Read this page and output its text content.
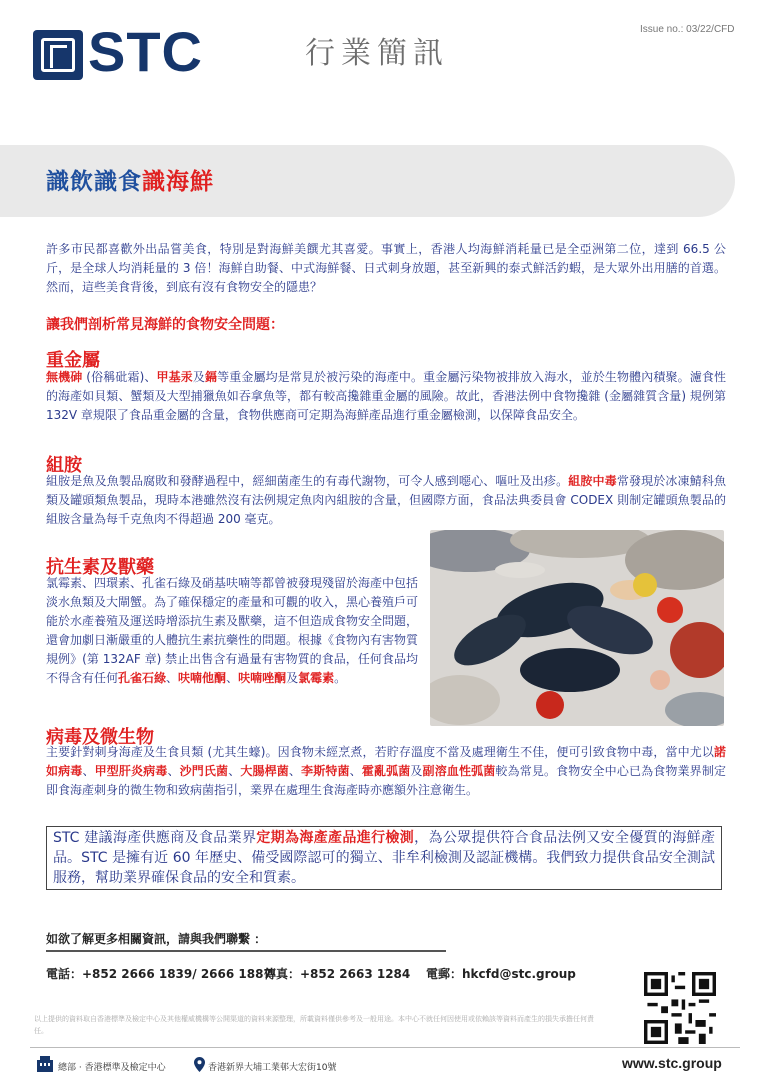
STC	行業簡訊
Issue no.: 03/22/CFD
識飲識食識海鮮
許多市民都喜歡外出品嘗美食，特別是對海鮮美饌尤其喜愛。事實上，香港人均海鮮消耗量已是全亞洲第二位，達到 66.5 公斤，是全球人均消耗量的 3 倍！海鮮自助餐、中式海鮮餐、日式刺身放題，甚至新興的泰式鮮活釣蝦，是大眾外出用膳的首選。然而，這些美食背後，到底有沒有食物安全的隱患？
讓我們剖析常見海鮮的食物安全問題：
重金屬
無機砷 (俗稱砒霜)、甲基汞及鎘等重金屬均是常見於被污染的海產中。重金屬污染物被排放入海水，並於生物體內積聚。濾食性的海產如貝類、蟹類及大型捕獵魚如吞拿魚等，都有較高攙雜重金屬的風險。故此，香港法例中食物攙雜 (金屬雜質含量) 規例第 132V 章規限了食品重金屬的含量，食物供應商可定期為海鮮產品進行重金屬檢測，以保障食品安全。
組胺
組胺是魚及魚製品腐敗和發酵過程中，經細菌產生的有毒代謝物，可令人感到噁心、嘔吐及出疹。組胺中毒常發現於冰凍鯖科魚類及罐頭類魚製品，現時本港雖然沒有法例規定魚肉內組胺的含量，但國際方面，食品法典委員會 CODEX 則制定罐頭魚製品的組胺含量為每千克魚肉不得超過 200 毫克。
抗生素及獸藥
氯霉素、四環素、孔雀石綠及硝基呋喃等都曾被發現殘留於海產中包括淡水魚類及大閘蟹。為了確保穩定的產量和可觀的收入，黑心養殖戶可能於水產養殖及運送時增添抗生素及獸藥，這不但造成食物安全問題，還會加劇日漸嚴重的人體抗生素抗藥性的問題。根據《食物內有害物質規例》(第 132AF 章) 禁止出售含有過量有害物質的食品，任何食品均不得含有任何孔雀石綠、呋喃他酮、呋喃唑酮及氯霉素。
病毒及微生物
主要針對刺身海產及生食貝類 (尤其生蠔)。因食物未經烹煮，若貯存溫度不當及處理衛生不佳，便可引致食物中毒，當中尤以諾如病毒、甲型肝炎病毒、沙門氏菌、大腸桿菌、李斯特菌、霍亂弧菌及副溶血性弧菌較為常見。食物安全中心已為食物業界制定即食海產刺身的微生物和致病菌指引，業界在處理生食海產時亦應額外注意衛生。
STC 建議海產供應商及食品業界定期為海產產品進行檢測，為公眾提供符合食品法例又安全優質的海鮮產品。STC 是擁有近 60 年歷史、備受國際認可的獨立、非牟利檢測及認証機構。我們致力提供食品安全測試服務，幫助業界確保食品的安全和質素。
如欲了解更多相關資訊，請與我們聯繫 ：
電話：+852 2666 1839/ 2666 1887
傳真：+852 2663 1284 電郵：hkcfd@stc.group
以上提供的資料取自香港標準及檢定中心及其他權威機構等公開渠道的資料來源整理，所載資料僅供參考及一般用途。本中心不就任何因使用或依賴該等資料而產生的損失承擔任何責任。
總部 · 香港標準及檢定中心	香港新界大埔工業邨大宏街10號	www.stc.group
